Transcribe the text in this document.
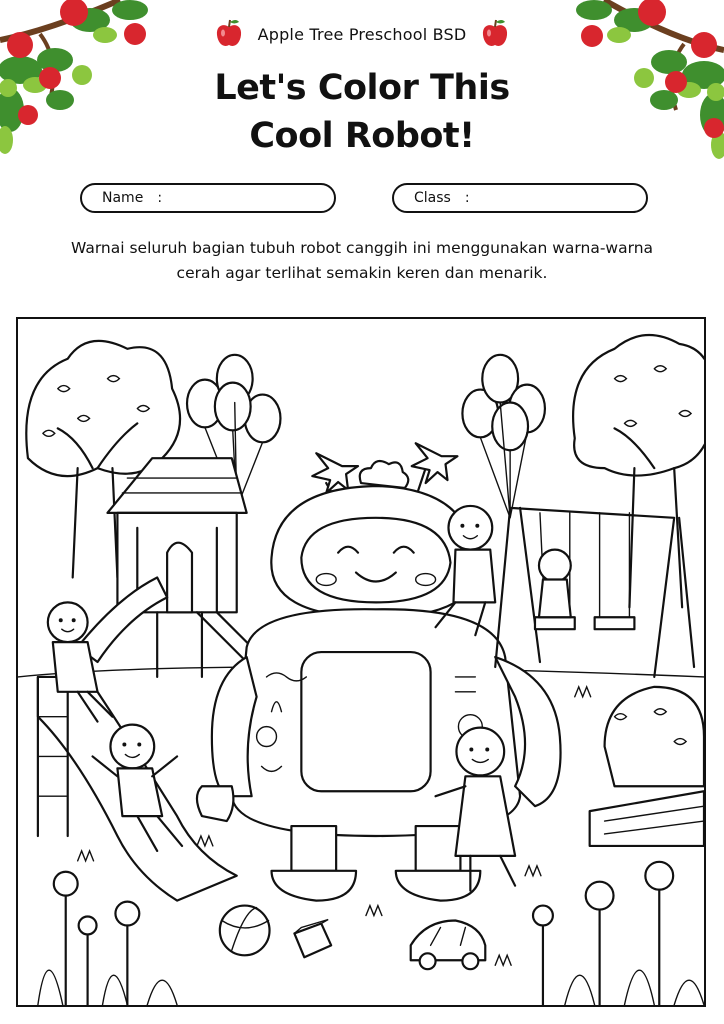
Apple Tree Preschool BSD
Let's Color This
Cool Robot!
Name :	Class :
Warnai seluruh bagian tubuh robot canggih ini menggunakan warna-warna cerah agar terlihat semakin keren dan menarik.
